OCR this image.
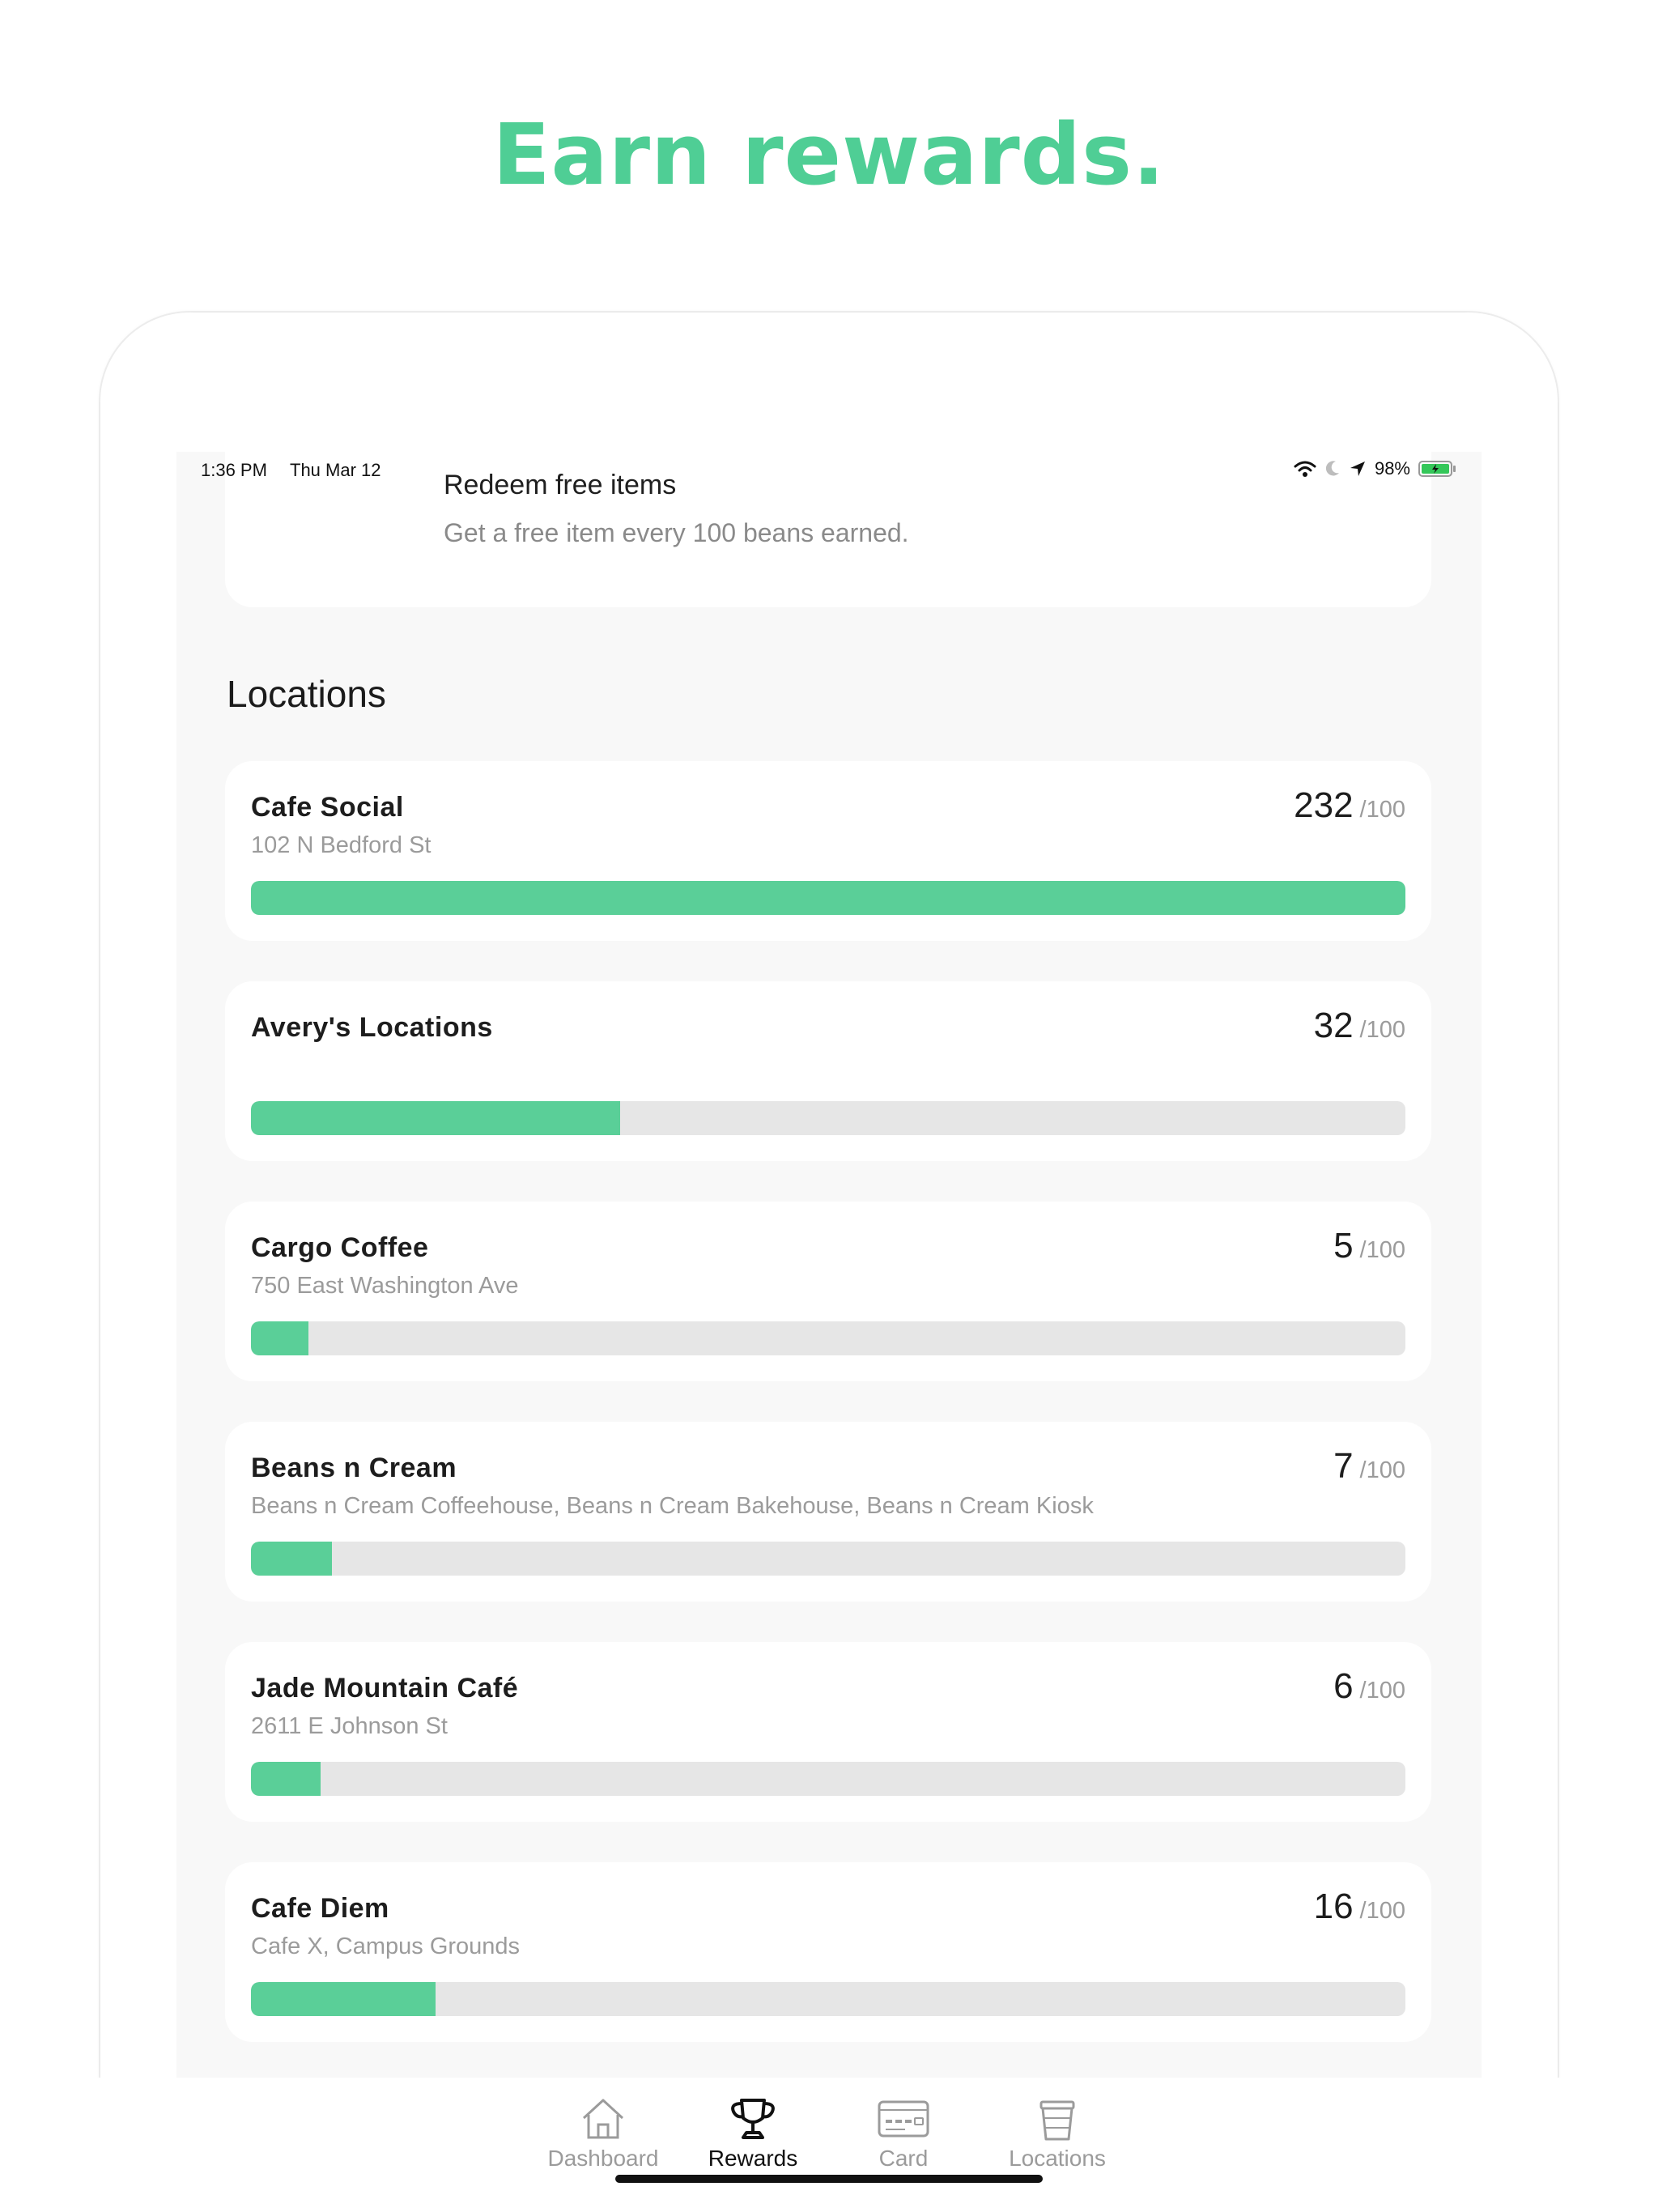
Earn rewards.
Redeem free items
Get a free item every 100 beans earned.
1:36 PM Thu Mar 12	98%
Locations
Cafe Social
102 N Bedford St
232 /100
Avery's Locations	32 /100
Cargo Coffee
750 East Washington Ave
5 /100
Beans n Cream
Beans n Cream Coffeehouse, Beans n Cream Bakehouse, Beans n Cream Kiosk
7 /100
Jade Mountain Café
2611 E Johnson St
6 /100
Cafe Diem
Cafe X, Campus Grounds
16 /100
Dashboard	Rewards	Card	Locations
